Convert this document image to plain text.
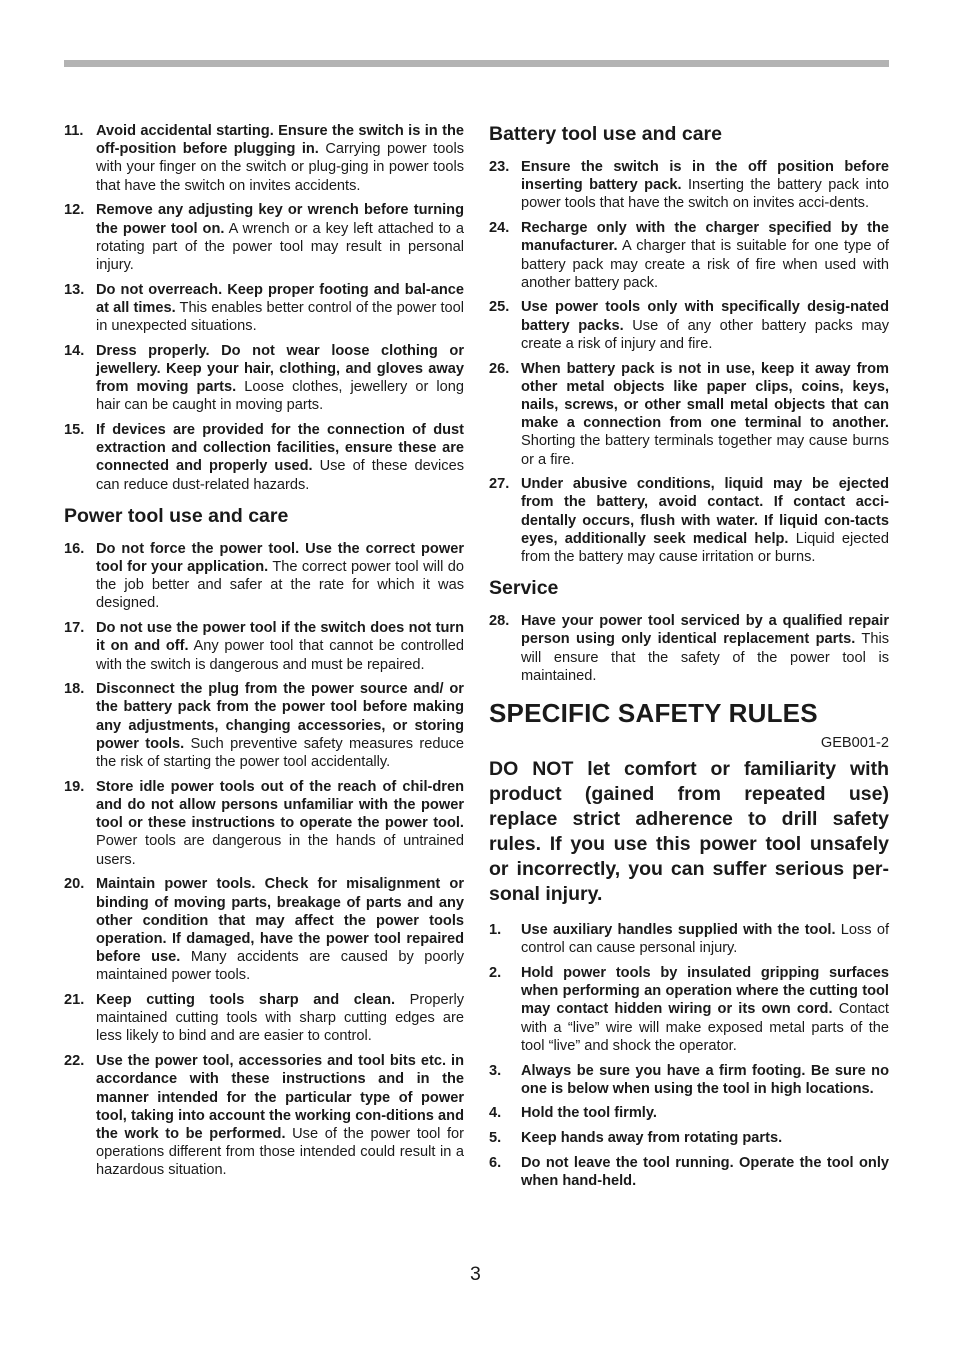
11. Avoid accidental starting. Ensure the switch is in the off-position before plugging in. Carrying power tools with your finger on the switch or plug-ging in power tools that have the switch on invites accidents.
12. Remove any adjusting key or wrench before turning the power tool on. A wrench or a key left attached to a rotating part of the power tool may result in personal injury.
13. Do not overreach. Keep proper footing and bal-ance at all times. This enables better control of the power tool in unexpected situations.
14. Dress properly. Do not wear loose clothing or jewellery. Keep your hair, clothing, and gloves away from moving parts. Loose clothes, jewellery or long hair can be caught in moving parts.
15. If devices are provided for the connection of dust extraction and collection facilities, ensure these are connected and properly used. Use of these devices can reduce dust-related hazards.
Power tool use and care
16. Do not force the power tool. Use the correct power tool for your application. The correct power tool will do the job better and safer at the rate for which it was designed.
17. Do not use the power tool if the switch does not turn it on and off. Any power tool that cannot be controlled with the switch is dangerous and must be repaired.
18. Disconnect the plug from the power source and/ or the battery pack from the power tool before making any adjustments, changing accessories, or storing power tools. Such preventive safety measures reduce the risk of starting the power tool accidentally.
19. Store idle power tools out of the reach of chil-dren and do not allow persons unfamiliar with the power tool or these instructions to operate the power tool. Power tools are dangerous in the hands of untrained users.
20. Maintain power tools. Check for misalignment or binding of moving parts, breakage of parts and any other condition that may affect the power tools operation. If damaged, have the power tool repaired before use. Many accidents are caused by poorly maintained power tools.
21. Keep cutting tools sharp and clean. Properly maintained cutting tools with sharp cutting edges are less likely to bind and are easier to control.
22. Use the power tool, accessories and tool bits etc. in accordance with these instructions and in the manner intended for the particular type of power tool, taking into account the working con-ditions and the work to be performed. Use of the power tool for operations different from those intended could result in a hazardous situation.
Battery tool use and care
23. Ensure the switch is in the off position before inserting battery pack. Inserting the battery pack into power tools that have the switch on invites acci-dents.
24. Recharge only with the charger specified by the manufacturer. A charger that is suitable for one type of battery pack may create a risk of fire when used with another battery pack.
25. Use power tools only with specifically desig-nated battery packs. Use of any other battery packs may create a risk of injury and fire.
26. When battery pack is not in use, keep it away from other metal objects like paper clips, coins, keys, nails, screws, or other small metal objects that can make a connection from one terminal to another. Shorting the battery terminals together may cause burns or a fire.
27. Under abusive conditions, liquid may be ejected from the battery, avoid contact. If contact acci-dentally occurs, flush with water. If liquid con-tacts eyes, additionally seek medical help. Liquid ejected from the battery may cause irritation or burns.
Service
28. Have your power tool serviced by a qualified repair person using only identical replacement parts. This will ensure that the safety of the power tool is maintained.
SPECIFIC SAFETY RULES
GEB001-2
DO NOT let comfort or familiarity with product (gained from repeated use) replace strict adherence to drill safety rules. If you use this power tool unsafely or incorrectly, you can suffer serious per-sonal injury.
1.	Use auxiliary handles supplied with the tool. Loss of control can cause personal injury.
2.	Hold power tools by insulated gripping surfaces when performing an operation where the cutting tool may contact hidden wiring or its own cord. Contact with a “live” wire will make exposed metal parts of the tool “live” and shock the operator.
3.	Always be sure you have a firm footing. Be sure no one is below when using the tool in high locations.
4.	Hold the tool firmly.
5.	Keep hands away from rotating parts.
6.	Do not leave the tool running. Operate the tool only when hand-held.
3
